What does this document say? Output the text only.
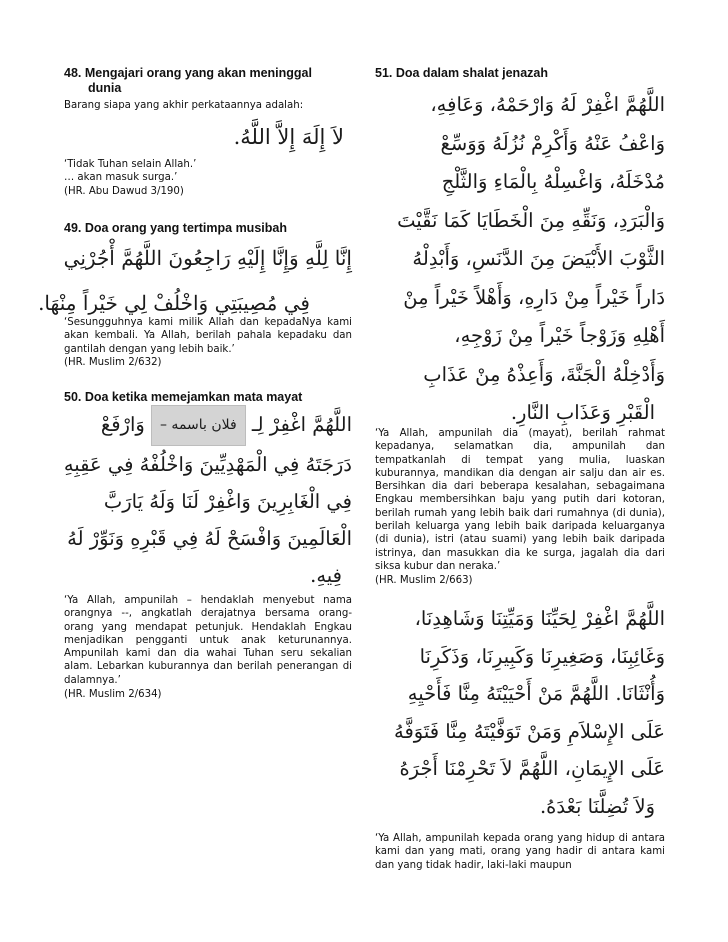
48. Mengajari orang yang akan meninggal
dunia

Barang siapa yang akhir perkataannya adalah:

لاَ إِلَهَ إِلاَّ اللَّهُ.

‘Tidak Tuhan selain Allah.’
… akan masuk surga.’
(HR. Abu Dawud 3/190)

49. Doa orang yang tertimpa musibah
إِنَّا لِلَّهِ وَإِنَّا إِلَيْهِ رَاجِعُونَ اللَّهُمَّ أْجُرْنِي
فِي مُصِيبَتِي وَاخْلُفْ لِي خَيْراً مِنْهَا.

‘Sesungguhnya kami milik Allah dan kepadaNya kami akan kembali. Ya Allah, berilah pahala kepadaku dan gantilah dengan yang lebih baik.’

(HR. Muslim 2/632)

50. Doa ketika memejamkan mata mayat
اللَّهُمَّ اغْفِرْ لِـ فلان باسمه – وَارْفَعْ
دَرَجَتَهُ فِي الْمَهْدِيِّينَ وَاخْلُفْهُ فِي عَقِبِهِ
فِي الْغَابِرِينَ وَاغْفِرْ لَنَا وَلَهُ يَارَبَّ
الْعَالَمِينَ وَافْسَحْ لَهُ فِي قَبْرِهِ وَنَوِّرْ لَهُ
فِيهِ.

‘Ya Allah, ampunilah – hendaklah menyebut nama orangnya --, angkatlah derajatnya bersama orang-orang yang mendapat petunjuk. Hendaklah Engkau menjadikan pengganti untuk anak keturunannya. Ampunilah kami dan dia wahai Tuhan seru sekalian alam. Lebarkan kuburannya dan berilah penerangan di dalamnya.’

(HR. Muslim 2/634)

51. Doa dalam shalat jenazah
اللَّهُمَّ اغْفِرْ لَهُ وَارْحَمْهُ، وَعَافِهِ،
وَاعْفُ عَنْهُ وَأَكْرِمْ نُزُلَهُ وَوَسِّعْ
مُدْخَلَهُ، وَاغْسِلْهُ بِالْمَاءِ وَالثَّلْجِ
وَالْبَرَدِ، وَنَقِّهِ مِنَ الْخَطَايَا كَمَا نَقَّيْتَ
الثَّوْبَ الأَبْيَضَ مِنَ الدَّنَسِ، وَأَبْدِلْهُ
دَاراً خَيْراً مِنْ دَارِهِ، وَأَهْلاً خَيْراً مِنْ
أَهْلِهِ وَزَوْجاً خَيْراً مِنْ زَوْجِهِ،
وَأَدْخِلْهُ الْجَنَّةَ، وَأَعِذْهُ مِنْ عَذَابِ
الْقَبْرِ وَعَذَابِ النَّارِ.

‘Ya Allah, ampunilah dia (mayat), berilah rahmat kepadanya, selamatkan dia, ampunilah dan tempatkanlah di tempat yang mulia, luaskan kuburannya, mandikan dia dengan air salju dan air es. Bersihkan dia dari beberapa kesalahan, sebagaimana Engkau membersihkan baju yang putih dari kotoran, berilah rumah yang lebih baik dari rumahnya (di dunia), berilah keluarga yang lebih baik daripada keluarganya (di dunia), istri (atau suami) yang lebih baik daripada istrinya, dan masukkan dia ke surga, jagalah dia dari siksa kubur dan neraka.’

(HR. Muslim 2/663)

اللَّهُمَّ اغْفِرْ لِحَيِّنَا وَمَيِّتِنَا وَشَاهِدِنَا،
وَغَائِبِنَا، وَصَغِيرِنَا وَكَبِيرِنَا، وَذَكَرِنَا
وَأُنْثَانَا. اللَّهُمَّ مَنْ أَحْيَيْتَهُ مِنَّا فَأَحْيِهِ
عَلَى الإِسْلاَمِ وَمَنْ تَوَفَّيْتَهُ مِنَّا فَتَوَفَّهُ
عَلَى الإِيمَانِ، اللَّهُمَّ لاَ تَحْرِمْنَا أَجْرَهُ
وَلاَ تُضِلَّنَا بَعْدَهُ.

‘Ya Allah, ampunilah kepada orang yang hidup di antara kami dan yang mati, orang yang hadir di antara kami dan yang tidak hadir, laki-laki maupun
